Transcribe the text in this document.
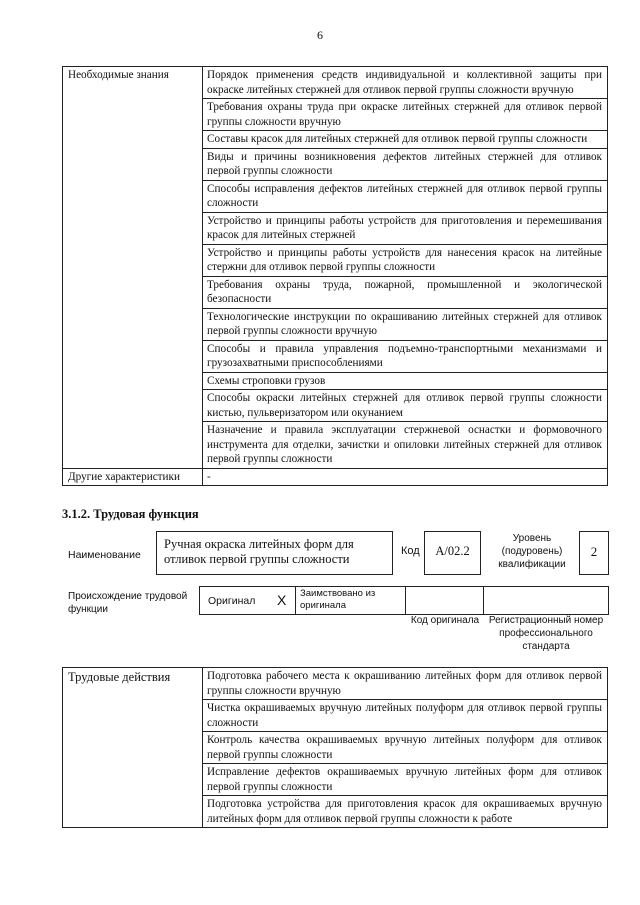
6
Необходимые знания	Порядок применения средств индивидуальной и коллективной защиты при окраске литейных стержней для отливок первой группы сложности вручную
	Требования охраны труда при окраске литейных стержней для отливок первой группы сложности вручную
	Составы красок для литейных стержней для отливок первой группы сложности
	Виды и причины возникновения дефектов литейных стержней для отливок первой группы сложности
	Способы исправления дефектов литейных стержней для отливок первой группы сложности
	Устройство и принципы работы устройств для приготовления и перемешивания красок для литейных стержней
	Устройство и принципы работы устройств для нанесения красок на литейные стержни для отливок первой группы сложности
	Требования охраны труда, пожарной, промышленной и экологической безопасности
	Технологические инструкции по окрашиванию литейных стержней для отливок первой группы сложности вручную
	Способы и правила управления подъемно-транспортными механизмами и грузозахватными приспособлениями
	Схемы строповки грузов
	Способы окраски литейных стержней для отливок первой группы сложности кистью, пульверизатором или окунанием
	Назначение и правила эксплуатации стержневой оснастки и формовочного инструмента для отделки, зачистки и опиловки литейных стержней для отливок первой группы сложности
Другие характеристики	-
3.1.2. Трудовая функция
Наименование
Ручная окраска литейных форм для отливок первой группы сложности
Код	А/02.2
Уровень (подуровень) квалификации
2
Происхождение трудовой функции
Оригинал X Заимствовано из оригинала
Код оригинала Регистрационный номер профессионального стандарта
Трудовые действия	Подготовка рабочего места к окрашиванию литейных форм для отливок первой группы сложности вручную
Чистка окрашиваемых вручную литейных полуформ для отливок первой группы сложности
Контроль качества окрашиваемых вручную литейных полуформ для отливок первой группы сложности
Исправление дефектов окрашиваемых вручную литейных форм для отливок первой группы сложности
Подготовка устройства для приготовления красок для окрашиваемых вручную литейных форм для отливок первой группы сложности к работе
